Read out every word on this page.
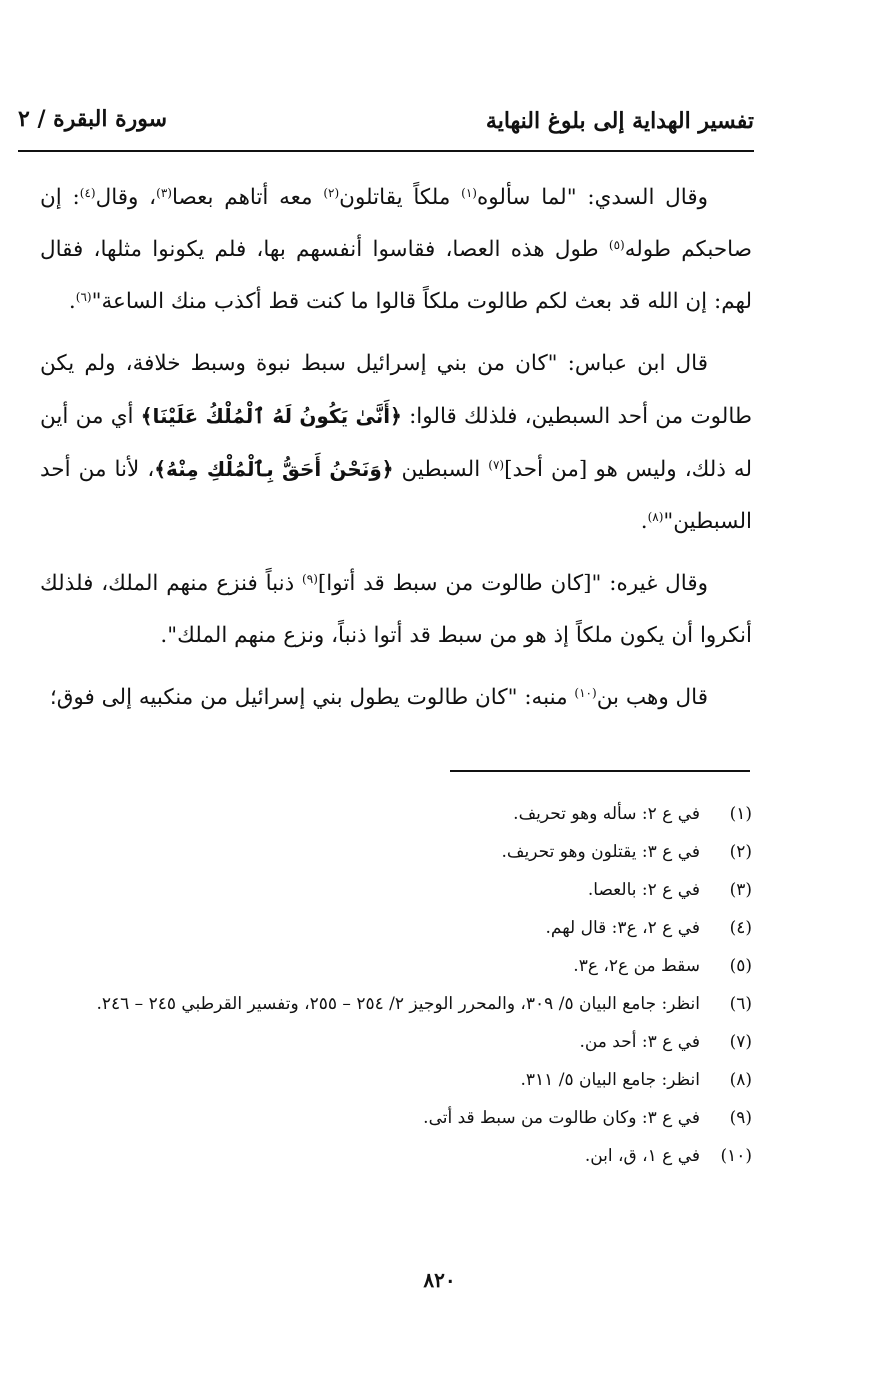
تفسير الهداية إلى بلوغ النهاية
سورة البقرة / ٢

وقال السدي: "لما سألوه$^{(١)}$ ملكاً يقاتلون$^{(٢)}$ معه أتاهم بعصا$^{(٣)}$، وقال$^{(٤)}$: إن صاحبكم طوله$^{(٥)}$ طول هذه العصا، فقاسوا أنفسهم بها، فلم يكونوا مثلها، فقال لهم: إن الله قد بعث لكم طالوت ملكاً قالوا ما كنت قط أكذب منك الساعة"$^{(٦)}$.

قال ابن عباس: "كان من بني إسرائيل سبط نبوة وسبط خلافة، ولم يكن طالوت من أحد السبطين، فلذلك قالوا: ﴿أَنَّىٰ يَكُونُ لَهُ ٱلْمُلْكُ عَلَيْنَا﴾ أي من أين له ذلك، وليس هو [من أحد]$^{(٧)}$ السبطين ﴿وَنَحْنُ أَحَقُّ بِٱلْمُلْكِ مِنْهُ﴾، لأنا من أحد السبطين"$^{(٨)}$.

وقال غيره: "[كان طالوت من سبط قد أتوا]$^{(٩)}$ ذنباً فنزع منهم الملك، فلذلك أنكروا أن يكون ملكاً إذ هو من سبط قد أتوا ذنباً، ونزع منهم الملك".

قال وهب بن$^{(١٠)}$ منبه: "كان طالوت يطول بني إسرائيل من منكبيه إلى فوق؛

(١)
في ع ٢: سأله وهو تحريف.
(٢)
في ع ٣: يقتلون وهو تحريف.
(٣)
في ع ٢: بالعصا.
(٤)
في ع ٢، ع٣: قال لهم.
(٥)
سقط من ع٢، ع٣.
(٦)
انظر: جامع البيان ٥/ ٣٠٩، والمحرر الوجيز ٢/ ٢٥٤ – ٢٥٥، وتفسير القرطبي ٢٤٥ – ٢٤٦.
(٧)
في ع ٣: أحد من.
(٨)
انظر: جامع البيان ٥/ ٣١١.
(٩)
في ع ٣: وكان طالوت من سبط قد أتى.
(١٠)
في ع ١، ق، ابن.
٨٢٠
